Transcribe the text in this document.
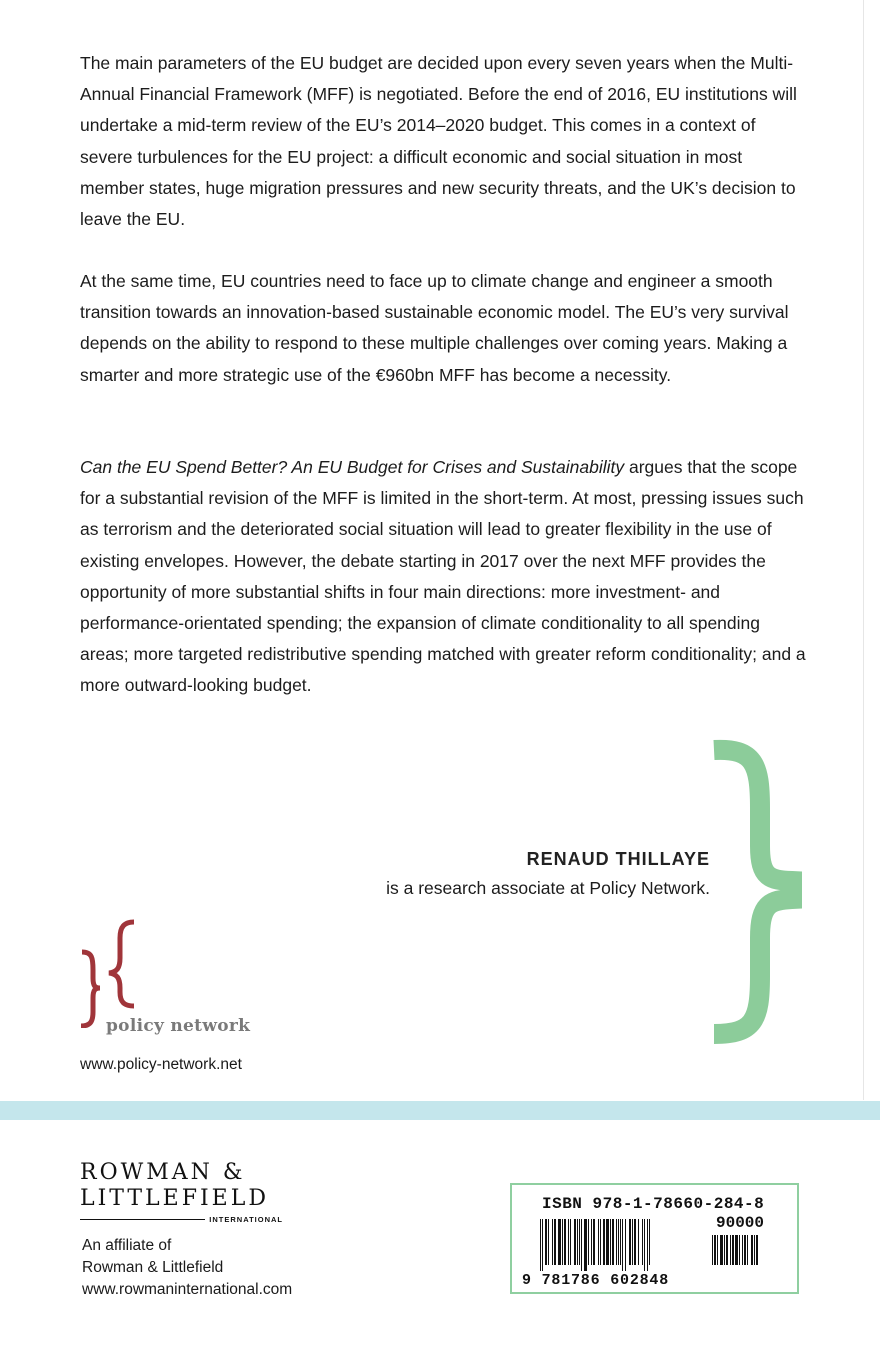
The main parameters of the EU budget are decided upon every seven years when the Multi-Annual Financial Framework (MFF) is negotiated. Before the end of 2016, EU institutions will undertake a mid-term review of the EU’s 2014–2020 budget. This comes in a context of severe turbulences for the EU project: a difficult economic and social situation in most member states, huge migration pressures and new security threats, and the UK’s decision to leave the EU.

At the same time, EU countries need to face up to climate change and engineer a smooth transition towards an innovation-based sustainable economic model. The EU’s very survival depends on the ability to respond to these multiple challenges over coming years. Making a smarter and more strategic use of the €960bn MFF has become a necessity.

Can the EU Spend Better? An EU Budget for Crises and Sustainability argues that the scope for a substantial revision of the MFF is limited in the short-term. At most, pressing issues such as terrorism and the deteriorated social situation will lead to greater flexibility in the use of existing envelopes. However, the debate starting in 2017 over the next MFF provides the opportunity of more substantial shifts in four main directions: more investment- and performance-orientated spending; the expansion of climate conditionality to all spending areas; more targeted redistributive spending matched with greater reform conditionality; and a more outward-looking budget.

RENAUD THILLAYE
is a research associate at Policy Network.
policy network
www.policy-network.net
ROWMAN &
LITTLEFIELD
INTERNATIONAL
An affiliate of
Rowman & Littlefield
www.rowmaninternational.com
ISBN 978-1-78660-284-8
90000
9 781786 602848
